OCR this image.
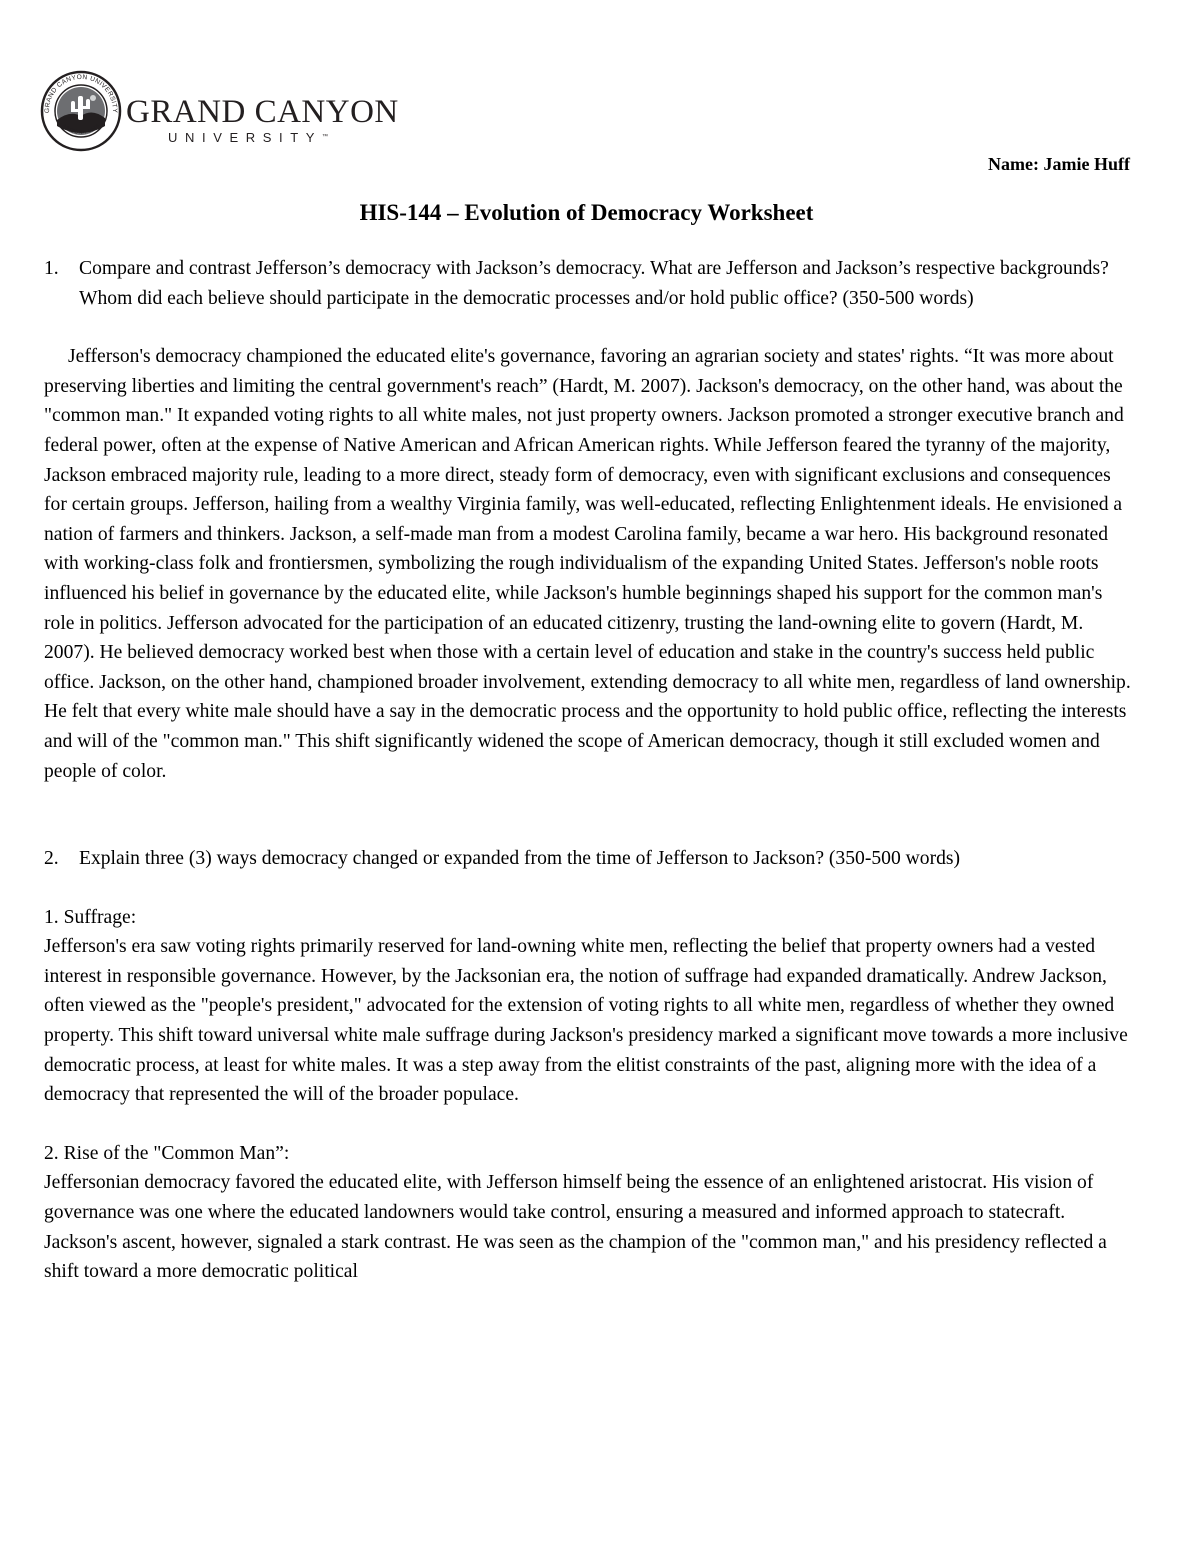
GRAND CANYON UNIVERSITY
ARIZONA 1949 GRAND CANYON
UNIVERSITY™
Name: Jamie Huff
HIS-144 – Evolution of Democracy Worksheet
1.	Compare and contrast Jefferson’s democracy with Jackson’s democracy. What are Jefferson and Jackson’s respective backgrounds? Whom did each believe should participate in the democratic processes and/or hold public office? (350-500 words)

Jefferson's democracy championed the educated elite's governance, favoring an agrarian society and states' rights. “It was more about preserving liberties and limiting the central government's reach” (Hardt, M. 2007). Jackson's democracy, on the other hand, was about the "common man." It expanded voting rights to all white males, not just property owners. Jackson promoted a stronger executive branch and federal power, often at the expense of Native American and African American rights. While Jefferson feared the tyranny of the majority, Jackson embraced majority rule, leading to a more direct, steady form of democracy, even with significant exclusions and consequences for certain groups. Jefferson, hailing from a wealthy Virginia family, was well-educated, reflecting Enlightenment ideals. He envisioned a nation of farmers and thinkers. Jackson, a self-made man from a modest Carolina family, became a war hero. His background resonated with working-class folk and frontiersmen, symbolizing the rough individualism of the expanding United States. Jefferson's noble roots influenced his belief in governance by the educated elite, while Jackson's humble beginnings shaped his support for the common man's role in politics. Jefferson advocated for the participation of an educated citizenry, trusting the land-owning elite to govern (Hardt, M. 2007). He believed democracy worked best when those with a certain level of education and stake in the country's success held public office. Jackson, on the other hand, championed broader involvement, extending democracy to all white men, regardless of land ownership. He felt that every white male should have a say in the democratic process and the opportunity to hold public office, reflecting the interests and will of the "common man." This shift significantly widened the scope of American democracy, though it still excluded women and people of color.

2.	Explain three (3) ways democracy changed or expanded from the time of Jefferson to Jackson? (350-500 words)

1. Suffrage:

Jefferson's era saw voting rights primarily reserved for land-owning white men, reflecting the belief that property owners had a vested interest in responsible governance. However, by the Jacksonian era, the notion of suffrage had expanded dramatically. Andrew Jackson, often viewed as the "people's president," advocated for the extension of voting rights to all white men, regardless of whether they owned property. This shift toward universal white male suffrage during Jackson's presidency marked a significant move towards a more inclusive democratic process, at least for white males. It was a step away from the elitist constraints of the past, aligning more with the idea of a democracy that represented the will of the broader populace.

2. Rise of the "Common Man”:

Jeffersonian democracy favored the educated elite, with Jefferson himself being the essence of an enlightened aristocrat. His vision of governance was one where the educated landowners would take control, ensuring a measured and informed approach to statecraft. Jackson's ascent, however, signaled a stark contrast. He was seen as the champion of the "common man," and his presidency reflected a shift toward a more democratic political
